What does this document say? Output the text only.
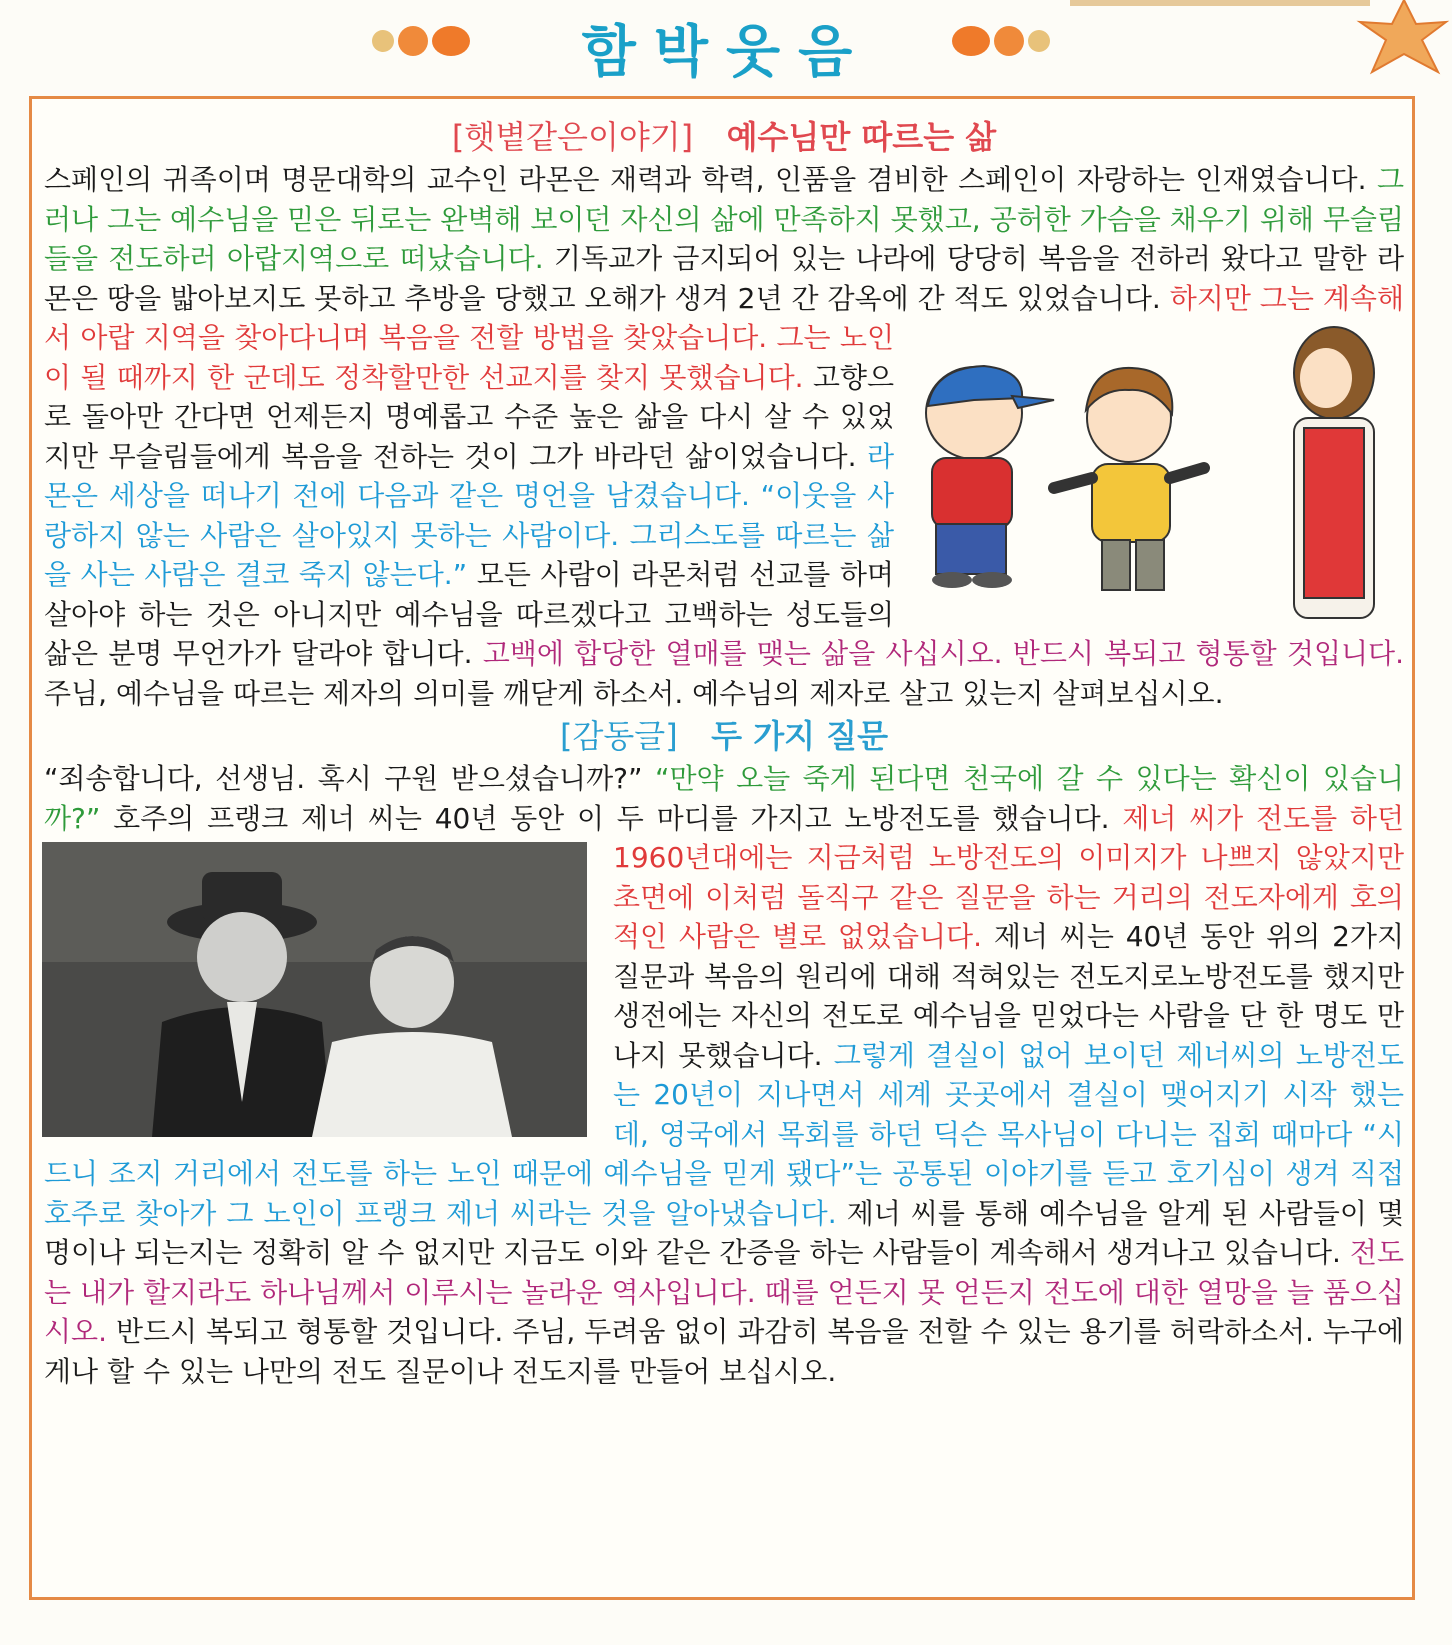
함박웃음
[햇볕같은이야기] 예수님만 따르는 삶

스페인의 귀족이며 명문대학의 교수인 라몬은 재력과 학력, 인품을 겸비한 스페인이 자랑하는 인재였습니다. 그러나 그는 예수님을 믿은 뒤로는 완벽해 보이던 자신의 삶에 만족하지 못했고, 공허한 가슴을 채우기 위해 무슬림들을 전도하러 아랍지역으로 떠났습니다. 기독교가 금지되어 있는 나라에 당당히 복음을 전하러 왔다고 말한 라몬은 땅을 밟아보지도 못하고 추방을 당했고 오해가 생겨 2년 간 감옥에 간 적도 있었습니다.
하지만 그는 계속해서 아랍 지역을 찾아다니며 복음을 전할 방법을 찾았습니다. 그는 노인이 될 때까지 한 군데도 정착할만한 선교지를 찾지 못했습니다. 고향으로 돌아만 간다면 언제든지 명예롭고 수준 높은 삶을 다시 살 수 있었지만 무슬림들에게 복음을 전하는 것이 그가 바라던 삶이었습니다. 라몬은 세상을 떠나기 전에 다음과 같은 명언을 남겼습니다. “이웃을 사랑하지 않는 사람은 살아있지 못하는 사람이다. 그리스도를 따르는 삶을 사는 사람은 결코 죽지 않는다.” 모든 사람이 라몬처럼 선교를 하며 살아야 하는 것은 아니지만 예수님을 따르겠다고 고백하는 성도들의 삶은 분명 무언가가 달라야 합니다. 고백에 합당한 열매를 맺는 삶을 사십시오. 반드시 복되고 형통할 것입니다. 주님, 예수님을 따르는 제자의 의미를 깨닫게 하소서. 예수님의 제자로 살고 있는지 살펴보십시오.

[감동글] 두 가지 질문

“죄송합니다, 선생님. 혹시 구원 받으셨습니까?” “만약 오늘 죽게 된다면 천국에 갈 수 있다는 확신이 있습니까?” 호주의 프랭크 제너 씨는 40년 동안 이 두 마디를 가지고 노방전도를 했습니다.
제너 씨가 전도를 하던 1960년대에는 지금처럼 노방전도의 이미지가 나쁘지 않았지만 초면에 이처럼 돌직구 같은 질문을 하는 거리의 전도자에게 호의적인 사람은 별로 없었습니다. 제너 씨는 40년 동안 위의 2가지 질문과 복음의 원리에 대해 적혀있는 전도지로노방전도를 했지만 생전에는 자신의 전도로 예수님을 믿었다는 사람을 단 한 명도 만나지 못했습니다. 그렇게 결실이 없어 보이던 제너씨의 노방전도는 20년이 지나면서 세계 곳곳에서 결실이 맺어지기 시작 했는데, 영국에서 목회를 하던 딕슨 목사님이 다니는 집회 때마다 “시드니 조지 거리에서 전도를 하는 노인 때문에 예수님을 믿게 됐다”는 공통된 이야기를 듣고 호기심이 생겨 직접 호주로 찾아가 그 노인이 프랭크 제너 씨라는 것을 알아냈습니다. 제너 씨를 통해 예수님을 알게 된 사람들이 몇 명이나 되는지는 정확히 알 수 없지만 지금도 이와 같은 간증을 하는 사람들이 계속해서 생겨나고 있습니다. 전도는 내가 할지라도 하나님께서 이루시는 놀라운 역사입니다. 때를 얻든지 못 얻든지 전도에 대한 열망을 늘 품으십시오. 반드시 복되고 형통할 것입니다. 주님, 두려움 없이 과감히 복음을 전할 수 있는 용기를 허락하소서. 누구에게나 할 수 있는 나만의 전도 질문이나 전도지를 만들어 보십시오.
